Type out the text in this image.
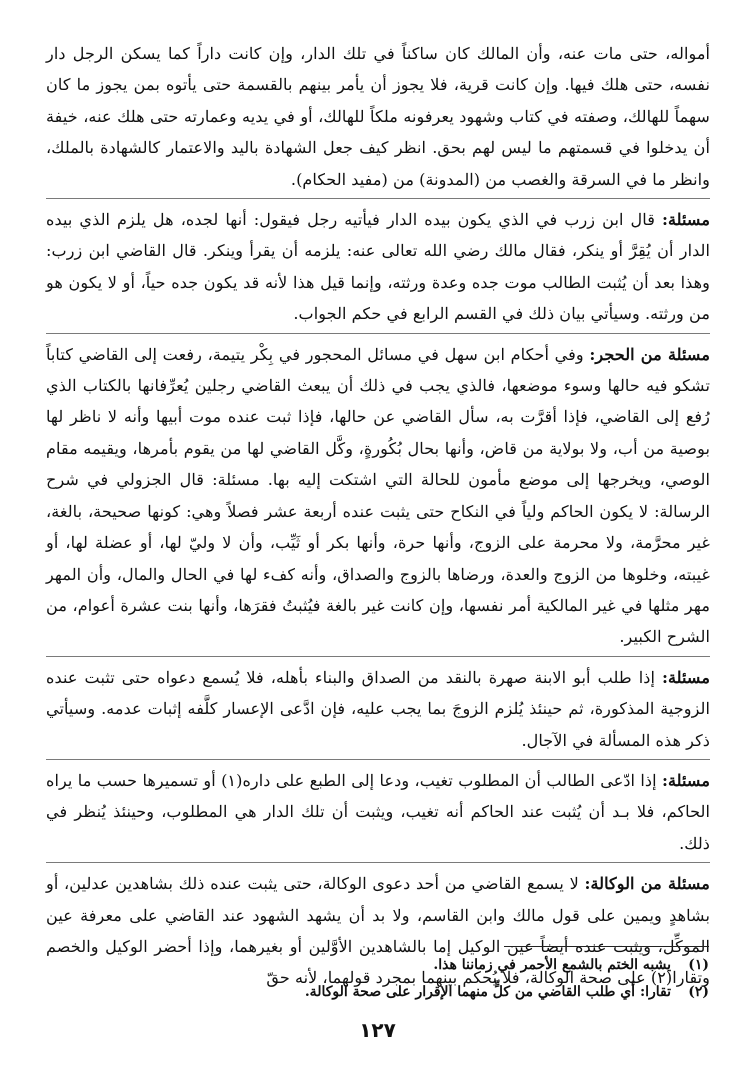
أمواله، حتى مات عنه، وأن المالك كان ساكناً في تلك الدار، وإن كانت داراً كما يسكن الرجل دار نفسه، حتى هلك فيها. وإن كانت قرية، فلا يجوز أن يأمر بينهم بالقسمة حتى يأتوه بمن يجوز ما كان سهماً للهالك، وصفته في كتاب وشهود يعرفونه ملكاً للهالك، أو في يديه وعمارته حتى هلك عنه، خيفة أن يدخلوا في قسمتهم ما ليس لهم بحق. انظر كيف جعل الشهادة باليد والاعتمار كالشهادة بالملك، وانظر ما في السرقة والغصب من (المدونة) من (مفيد الحكام).

مسئلة: قال ابن زرب في الذي يكون بيده الدار فيأتيه رجل فيقول: أنها لجده، هل يلزم الذي بيده الدار أن يُقِرَّ أو ينكر، فقال مالك رضي الله تعالى عنه: يلزمه أن يقرأ وينكر. قال القاضي ابن زرب: وهذا بعد أن يُثبت الطالب موت جده وعدة ورثته، وإنما قيل هذا لأنه قد يكون جده حياً، أو لا يكون هو من ورثته. وسيأتي بيان ذلك في القسم الرابع في حكم الجواب.

مسئلة من الحجر: وفي أحكام ابن سهل في مسائل المحجور في بِكْر يتيمة، رفعت إلى القاضي كتاباً تشكو فيه حالها وسوء موضعها، فالذي يجب في ذلك أن يبعث القاضي رجلين يُعرِّفانها بالكتاب الذي رُفع إلى القاضي، فإذا أقرَّت به، سأل القاضي عن حالها، فإذا ثبت عنده موت أبيها وأنه لا ناظر لها بوصية من أب، ولا بولاية من قاض، وأنها بحال بُكُورةٍ، وكَّل القاضي لها من يقوم بأمرها، ويقيمه مقام الوصي، ويخرجها إلى موضع مأمون للحالة التي اشتكت إليه بها. مسئلة: قال الجزولي في شرح الرسالة: لا يكون الحاكم ولياً في النكاح حتى يثبت عنده أربعة عشر فصلاً وهي: كونها صحيحة، بالغة، غير محرَّمة، ولا محرمة على الزوج، وأنها حرة، وأنها بكر أو ثَيِّب، وأن لا وليّ لها، أو عضلة لها، أو غيبته، وخلوها من الزوج والعدة، ورضاها بالزوج والصداق، وأنه كفء لها في الحال والمال، وأن المهر مهر مثلها في غير المالكية أمر نفسها، وإن كانت غير بالغة فيُثبتُ فقرَها، وأنها بنت عشرة أعوام، من الشرح الكبير.

مسئلة: إذا طلب أبو الابنة صهرة بالنقد من الصداق والبناء بأهله، فلا يُسمع دعواه حتى تثبت عنده الزوجية المذكورة، ثم حينئذ يُلزم الزوجَ بما يجب عليه، فإن ادَّعى الإعسار كلَّفه إثبات عدمه. وسيأتي ذكر هذه المسألة في الآجال.

مسئلة: إذا ادّعى الطالب أن المطلوب تغيب، ودعا إلى الطبع على داره(١) أو تسميرها حسب ما يراه الحاكم، فلا بـد أن يُثبت عند الحاكم أنه تغيب، ويثبت أن تلك الدار هي المطلوب، وحينئذ يُنظر في ذلك.

مسئلة من الوكالة: لا يسمع القاضي من أحد دعوى الوكالة، حتى يثبت عنده ذلك بشاهدين عدلين، أو بشاهدٍ ويمين على قول مالك وابن القاسم، ولا بد أن يشهد الشهود عند القاضي على معرفة عين الموكِّل، ويثبت عنده أيضاً عين الوكيل إما بالشاهدين الأوَّلين أو بغيرهما، وإذا أحضر الوكيل والخصم وتقارا(٢) على صحة الوكالة، فلا يُحكم بينهما بمجرد قولهما، لأنه حقّ

(١)
يشبه الختم بالشمع الأحمر في زماننا هذا.
(٢)
تقارا: أي طلب القاضي من كلٍّ منهما الإقرار على صحة الوكالة.
١٢٧
